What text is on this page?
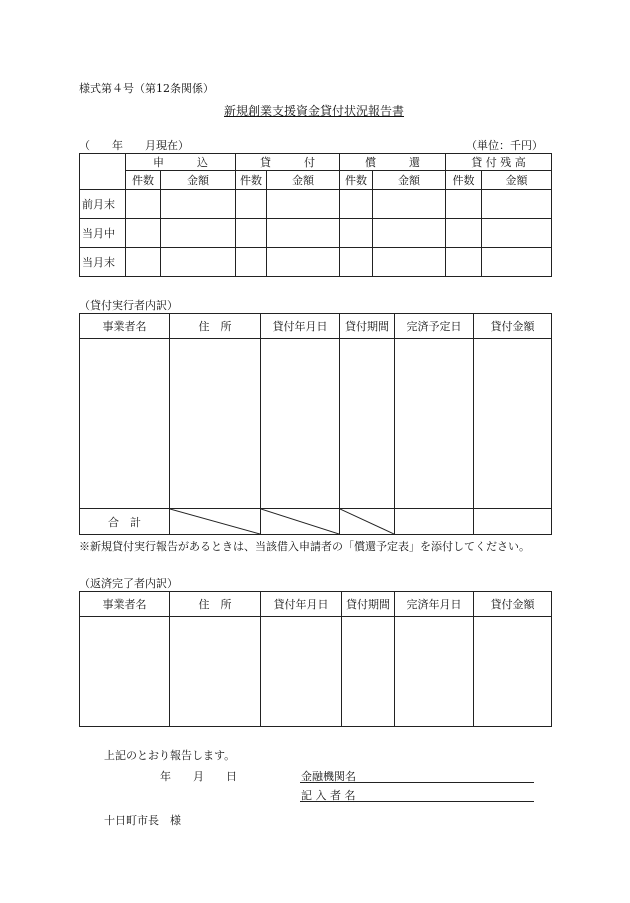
様式第４号（第12条関係）
新規創業支援資金貸付状況報告書
（　　年　　月現在）	（単位：千円）
	申　　　込		貸　　　付		償　　　還		貸 付 残 高	
	件数	金額	件数	金額	件数	金額	件数	金額
前月末								
当月中								
当月末								
（貸付実行者内訳）
事業者名	住　所	貸付年月日	貸付期間	完済予定日	貸付金額

合　計	

※新規貸付実行報告があるときは、当該借入申請者の「償還予定表」を添付してください。
（返済完了者内訳）
事業者名	住　所	貸付年月日	貸付期間	完済年月日	貸付金額

上記のとおり報告します。
年　　月　　日	金融機関名
記 入 者 名
十日町市長　様
